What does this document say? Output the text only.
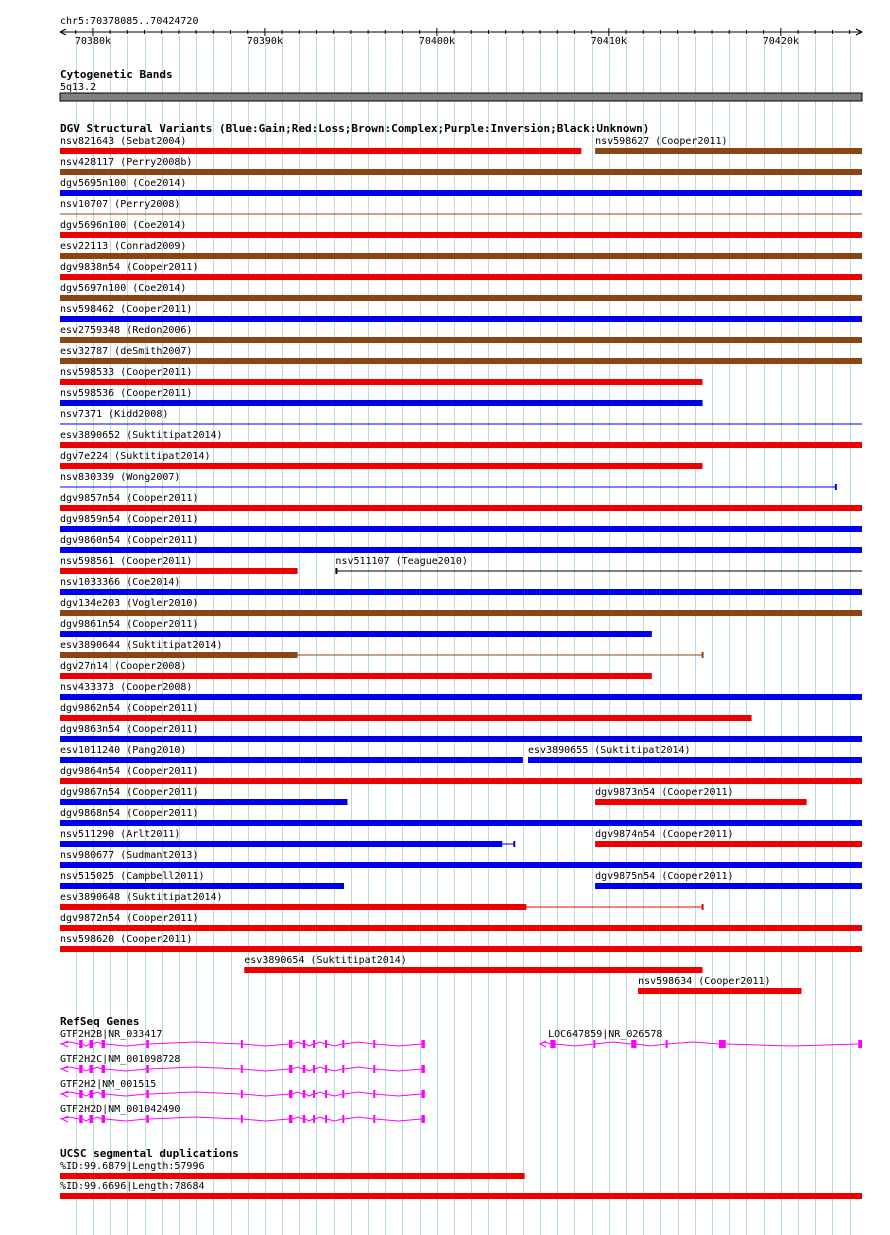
chr5:70378085..70424720
70380k	70390k	70400k	70410k	70420k
Cytogenetic Bands
5q13.2
DGV Structural Variants (Blue:Gain;Red:Loss;Brown:Complex;Purple:Inversion;Black:Unknown)
nsv821643 (Sebat2004)	nsv598627 (Cooper2011)
nsv428117 (Perry2008b)
dgv5695n100 (Coe2014)
nsv10707 (Perry2008)
dgv5696n100 (Coe2014)
esv22113 (Conrad2009)
dgv9838n54 (Cooper2011)
dgv5697n100 (Coe2014)
nsv598462 (Cooper2011)
esv2759348 (Redon2006)
esv32787 (deSmith2007)
nsv598533 (Cooper2011)
nsv598536 (Cooper2011)
nsv7371 (Kidd2008)
esv3890652 (Suktitipat2014)
dgv7e224 (Suktitipat2014)
nsv830339 (Wong2007)
dgv9857n54 (Cooper2011)
dgv9859n54 (Cooper2011)
dgv9860n54 (Cooper2011)
nsv598561 (Cooper2011)	nsv511107 (Teague2010)
nsv1033366 (Coe2014)
dgv134e203 (Vogler2010)
dgv9861n54 (Cooper2011)
esv3890644 (Suktitipat2014)
dgv27n14 (Cooper2008)
nsv433373 (Cooper2008)
dgv9862n54 (Cooper2011)
dgv9863n54 (Cooper2011)
esv1011240 (Pang2010)	esv3890655 (Suktitipat2014)
dgv9864n54 (Cooper2011)
dgv9867n54 (Cooper2011)	dgv9873n54 (Cooper2011)
dgv9868n54 (Cooper2011)
nsv511290 (Arlt2011)	dgv9874n54 (Cooper2011)
nsv980677 (Sudmant2013)
nsv515025 (Campbell2011)	dgv9875n54 (Cooper2011)
esv3890648 (Suktitipat2014)
dgv9872n54 (Cooper2011)
nsv598620 (Cooper2011)
esv3890654 (Suktitipat2014)
nsv598634 (Cooper2011)
RefSeq Genes
GTF2H2B|NR_033417	LOC647859|NR_026578
GTF2H2C|NM_001098728
GTF2H2|NM_001515
GTF2H2D|NM_001042490
UCSC segmental duplications
%ID:99.6879|Length:57996
%ID:99.6696|Length:78684
